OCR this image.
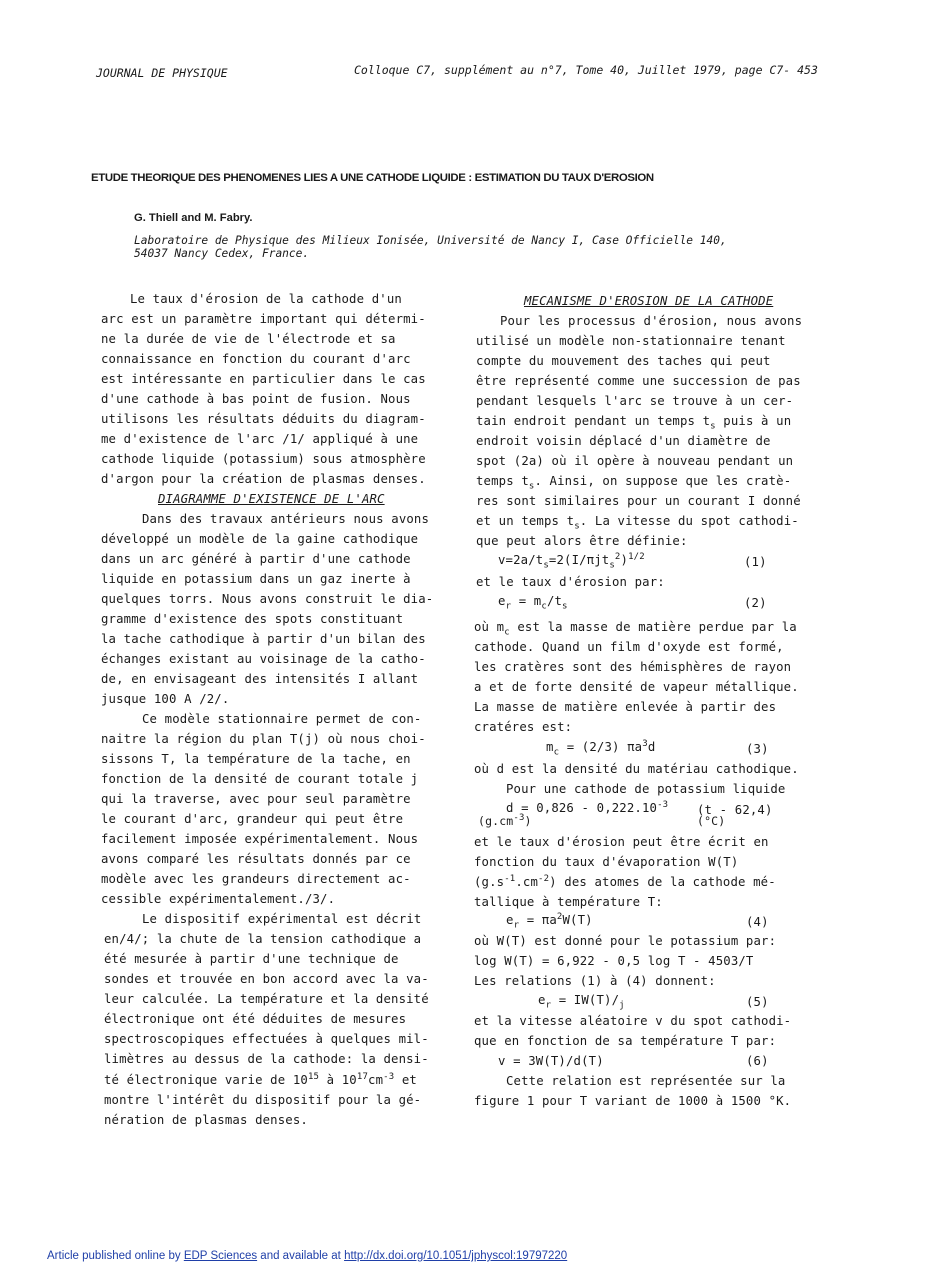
JOURNAL DE PHYSIQUE	Colloque C7, supplément au n°7, Tome 40, Juillet 1979, page C7- 453
ETUDE THEORIQUE DES PHENOMENES LIES A UNE CATHODE LIQUIDE : ESTIMATION DU TAUX D'EROSION
G. Thiell and M. Fabry.
Laboratoire de Physique des Milieux Ionisée, Université de Nancy I, Case Officielle 140,
54037 Nancy Cedex, France.
Le taux d'érosion de la cathode d'un
arc est un paramètre important qui détermi-
ne la durée de vie de l'électrode et sa
connaissance en fonction du courant d'arc
est intéressante en particulier dans le cas
d'une cathode à bas point de fusion. Nous
utilisons les résultats déduits du diagram-
me d'existence de l'arc /1/ appliqué à une
cathode liquide (potassium) sous atmosphère
d'argon pour la création de plasmas denses.
DIAGRAMME D'EXISTENCE DE L'ARC
Dans des travaux antérieurs nous avons
développé un modèle de la gaine cathodique
dans un arc généré à partir d'une cathode
liquide en potassium dans un gaz inerte à
quelques torrs. Nous avons construit le dia-
gramme d'existence des spots constituant
la tache cathodique à partir d'un bilan des
échanges existant au voisinage de la catho-
de, en envisageant des intensités I allant
jusque 100 A /2/.
Ce modèle stationnaire permet de con-
naitre la région du plan T(j) où nous choi-
sissons T, la température de la tache, en
fonction de la densité de courant totale j
qui la traverse, avec pour seul paramètre
le courant d'arc, grandeur qui peut être
facilement imposée expérimentalement. Nous
avons comparé les résultats donnés par ce
modèle avec les grandeurs directement ac-
cessible expérimentalement./3/.
Le dispositif expérimental est décrit
en/4/; la chute de la tension cathodique a
été mesurée à partir d'une technique de
sondes et trouvée en bon accord avec la va-
leur calculée. La température et la densité
électronique ont été déduites de mesures
spectroscopiques effectuées à quelques mil-
limètres au dessus de la cathode: la densi-
té électronique varie de $10^{15}$ à $10^{17}cm^{-3}$ et
montre l'intérêt du dispositif pour la gé-
nération de plasmas denses.
MECANISME D'EROSION DE LA CATHODE
Pour les processus d'érosion, nous avons
utilisé un modèle non-stationnaire tenant
compte du mouvement des taches qui peut
être représenté comme une succession de pas
pendant lesquels l'arc se trouve à un cer-
tain endroit pendant un temps $t_s$ puis à un
endroit voisin déplacé d'un diamètre de
spot (2a) où il opère à nouveau pendant un
temps $t_s$. Ainsi, on suppose que les cratè-
res sont similaires pour un courant I donné
et un temps $t_s$. La vitesse du spot cathodi-
que peut alors être définie:
$v=2a/t_s=2(I/\pi jt_s^2)^{1/2}$	(1)
et le taux d'érosion par:
$e_r = m_c/t_s$	(2)
où $m_c$ est la masse de matière perdue par la
cathode. Quand un film d'oxyde est formé,
les cratères sont des hémisphères de rayon
a et de forte densité de vapeur métallique.
La masse de matière enlevée à partir des
cratéres est:
$m_c = (2/3)$ $\pi a^3d$	(3)
où d est la densité du matériau cathodique.
Pour une cathode de potassium liquide
$d = 0,826 - 0,222.10^{-3}$ (t - 62,4)
$(g.cm^{-3})$	(°C)
et le taux d'érosion peut être écrit en
fonction du taux d'évaporation W(T)
$(g.s^{-1}.cm^{-2})$ des atomes de la cathode mé-
tallique à température T:
$e_r = \pi a^2W(T)$	(4)
où W(T) est donné pour le potassium par:
log W(T) = 6,922 - 0,5 log T - 4503/T
Les relations (1) à (4) donnent:
$e_r = IW(T)/_j$	(5)
et la vitesse aléatoire v du spot cathodi-
que en fonction de sa température T par:
v = 3W(T)/d(T)	(6)
Cette relation est représentée sur la
figure 1 pour T variant de 1000 à 1500 °K.
Article published online by EDP Sciences and available at http://dx.doi.org/10.1051/jphyscol:19797220
